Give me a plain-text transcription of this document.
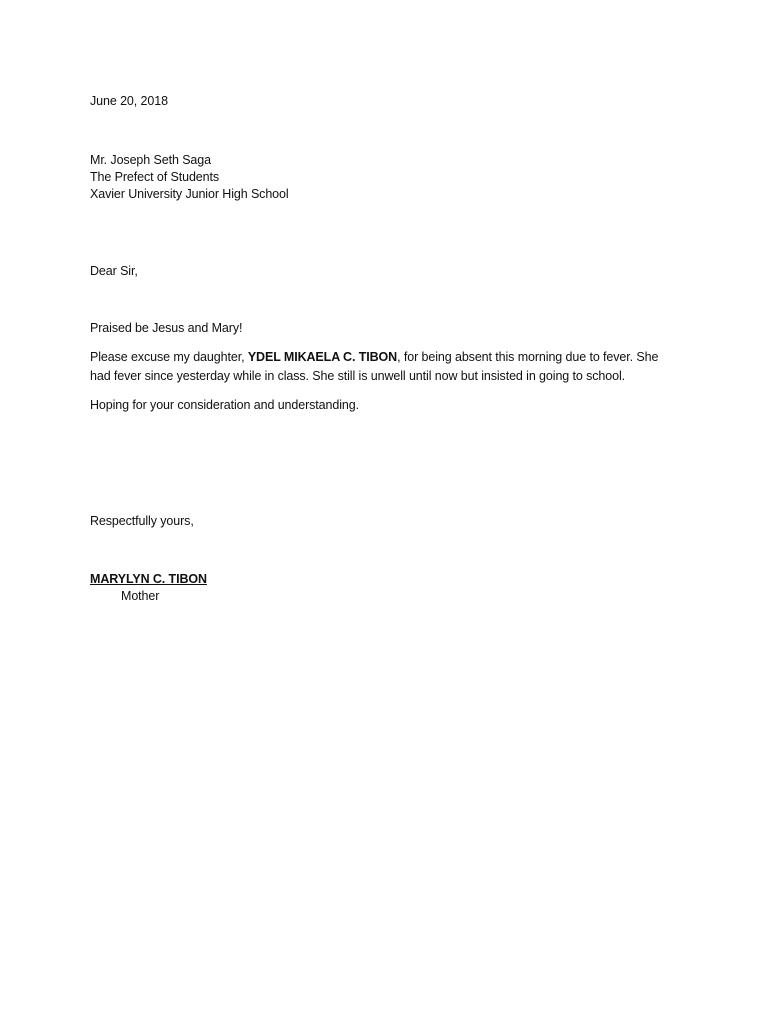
June 20, 2018
Mr. Joseph Seth Saga
The Prefect of Students
Xavier University Junior High School
Dear Sir,
Praised be Jesus and Mary!
Please excuse my daughter, YDEL MIKAELA C. TIBON, for being absent this morning due to fever. She
had fever since yesterday while in class. She still is unwell until now but insisted in going to school.
Hoping for your consideration and understanding.
Respectfully yours,
MARYLYN C. TIBON
Mother
